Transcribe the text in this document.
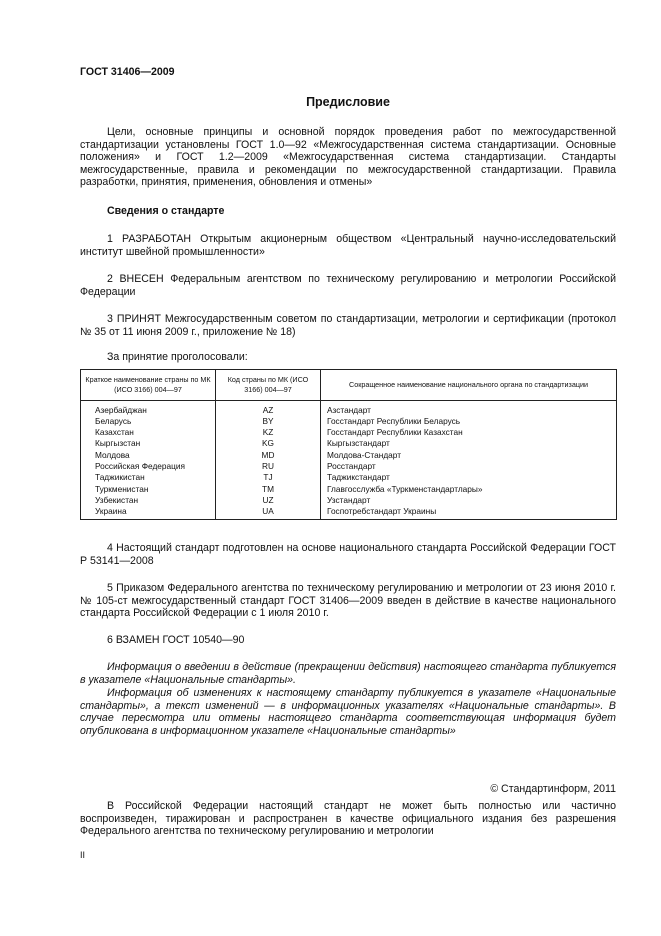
ГОСТ 31406—2009
Предисловие
Цели, основные принципы и основной порядок проведения работ по межгосударственной стандартизации установлены ГОСТ 1.0—92 «Межгосударственная система стандартизации. Основные положения» и ГОСТ 1.2—2009 «Межгосударственная система стандартизации. Стандарты межгосударственные, правила и рекомендации по межгосударственной стандартизации. Правила разработки, принятия, применения, обновления и отмены»
Сведения о стандарте
1 РАЗРАБОТАН Открытым акционерным обществом «Центральный научно-исследовательский институт швейной промышленности»
2 ВНЕСЕН Федеральным агентством по техническому регулированию и метрологии Российской Федерации
3 ПРИНЯТ Межгосударственным советом по стандартизации, метрологии и сертификации (протокол № 35 от 11 июня 2009 г., приложение № 18)
За принятие проголосовали:
Краткое наименование страны по МК (ИСО 3166) 004—97	Код страны по МК (ИСО 3166) 004—97	Сокращенное наименование национального органа по стандартизации
Азербайджан	AZ	Азстандарт
Беларусь	BY	Госстандарт Республики Беларусь
Казахстан	KZ	Госстандарт Республики Казахстан
Кыргызстан	KG	Кыргызстандарт
Молдова	MD	Молдова-Стандарт
Российская Федерация	RU	Росстандарт
Таджикистан	TJ	Таджикстандарт
Туркменистан	TM	Главгосслужба «Туркменстандартлары»
Узбекистан	UZ	Узстандарт
Украина	UA	Госпотребстандарт Украины
4 Настоящий стандарт подготовлен на основе национального стандарта Российской Федерации ГОСТ Р 53141—2008
5 Приказом Федерального агентства по техническому регулированию и метрологии от 23 июня 2010 г. № 105-ст межгосударственный стандарт ГОСТ 31406—2009 введен в действие в качестве национального стандарта Российской Федерации с 1 июля 2010 г.
6 ВЗАМЕН ГОСТ 10540—90
Информация о введении в действие (прекращении действия) настоящего стандарта публикуется в указателе «Национальные стандарты».
Информация об изменениях к настоящему стандарту публикуется в указателе «Национальные стандарты», а текст изменений — в информационных указателях «Национальные стандарты». В случае пересмотра или отмены настоящего стандарта соответствующая информация будет опубликована в информационном указателе «Национальные стандарты»
© Стандартинформ, 2011
В Российской Федерации настоящий стандарт не может быть полностью или частично воспроизведен, тиражирован и распространен в качестве официального издания без разрешения Федерального агентства по техническому регулированию и метрологии
II
